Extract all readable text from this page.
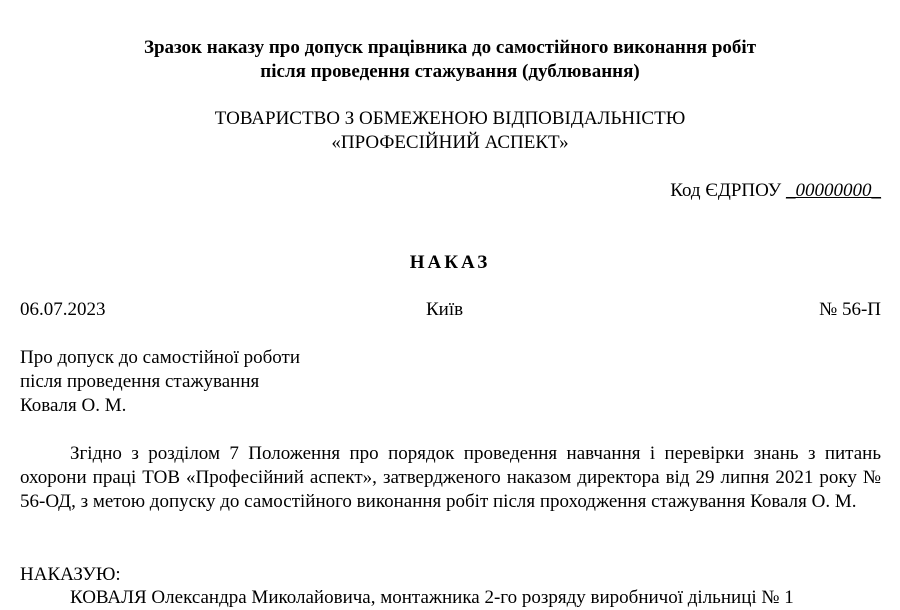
Зразок наказу про допуск працівника до самостійного виконання робіт
після проведення стажування (дублювання)
ТОВАРИСТВО З ОБМЕЖЕНОЮ ВІДПОВІДАЛЬНІСТЮ
«ПРОФЕСІЙНИЙ АСПЕКТ»
Код ЄДРПОУ _00000000_
НАКАЗ
06.07.2023	Київ	№ 56-П
Про допуск до самостійної роботи
після проведення стажування
Коваля О. М.

Згідно з розділом 7 Положення про порядок проведення навчання і перевірки знань з питань охорони праці ТОВ «Професійний аспект», затвердженого наказом директора від 29 липня 2021 року № 56-ОД, з метою допуску до самостійного виконання робіт після проходження стажування Коваля О. М.

НАКАЗУЮ:
КОВАЛЯ Олександра Миколайовича, монтажника 2-го розряду виробничої дільниці № 1
